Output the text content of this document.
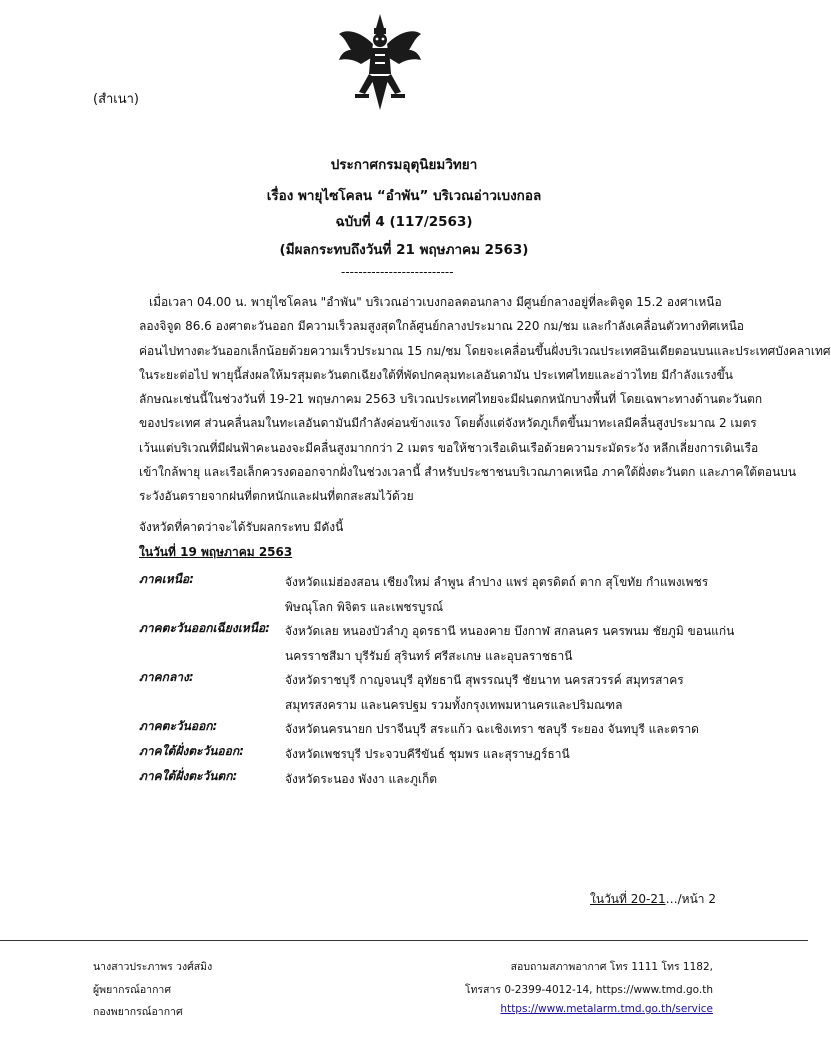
(สำเนา)
ประกาศกรมอุตุนิยมวิทยา
เรื่อง พายุไซโคลน “อำพัน” บริเวณอ่าวเบงกอล
ฉบับที่ 4 (117/2563)
(มีผลกระทบถึงวันที่ 21 พฤษภาคม 2563)
--------------------------
เมื่อเวลา 04.00 น. พายุไซโคลน "อำพัน" บริเวณอ่าวเบงกอลตอนกลาง มีศูนย์กลางอยู่ที่ละติจูด 15.2 องศาเหนือ
ลองจิจูด 86.6 องศาตะวันออก มีความเร็วลมสูงสุดใกล้ศูนย์กลางประมาณ 220 กม/ชม และกำลังเคลื่อนตัวทางทิศเหนือ
ค่อนไปทางตะวันออกเล็กน้อยด้วยความเร็วประมาณ 15 กม/ชม โดยจะเคลื่อนขึ้นฝั่งบริเวณประเทศอินเดียตอนบนและประเทศบังคลาเทศ
ในระยะต่อไป พายุนี้ส่งผลให้มรสุมตะวันตกเฉียงใต้ที่พัดปกคลุมทะเลอันดามัน ประเทศไทยและอ่าวไทย มีกำลังแรงขึ้น
ลักษณะเช่นนี้ในช่วงวันที่ 19-21 พฤษภาคม 2563 บริเวณประเทศไทยจะมีฝนตกหนักบางพื้นที่ โดยเฉพาะทางด้านตะวันตก
ของประเทศ ส่วนคลื่นลมในทะเลอันดามันมีกำลังค่อนข้างแรง โดยตั้งแต่จังหวัดภูเก็ตขึ้นมาทะเลมีคลื่นสูงประมาณ 2 เมตร
เว้นแต่บริเวณที่มีฝนฟ้าคะนองจะมีคลื่นสูงมากกว่า 2 เมตร ขอให้ชาวเรือเดินเรือด้วยความระมัดระวัง หลีกเลี่ยงการเดินเรือ
เข้าใกล้พายุ และเรือเล็กควรงดออกจากฝั่งในช่วงเวลานี้ สำหรับประชาชนบริเวณภาคเหนือ ภาคใต้ฝั่งตะวันตก และภาคใต้ตอนบน
ระวังอันตรายจากฝนที่ตกหนักและฝนที่ตกสะสมไว้ด้วย
จังหวัดที่คาดว่าจะได้รับผลกระทบ มีดังนี้
ในวันที่ 19 พฤษภาคม 2563
ภาคเหนือ:	จังหวัดแม่ฮ่องสอน เชียงใหม่ ลำพูน ลำปาง แพร่ อุตรดิตถ์ ตาก สุโขทัย กำแพงเพชร
พิษณุโลก พิจิตร และเพชรบูรณ์
ภาคตะวันออกเฉียงเหนือ: จังหวัดเลย หนองบัวลำภู อุดรธานี หนองคาย บึงกาฬ สกลนคร นครพนม ชัยภูมิ ขอนแก่น
นครราชสีมา บุรีรัมย์ สุรินทร์ ศรีสะเกษ และอุบลราชธานี
ภาคกลาง:	จังหวัดราชบุรี กาญจนบุรี อุทัยธานี สุพรรณบุรี ชัยนาท นครสวรรค์ สมุทรสาคร
สมุทรสงคราม และนครปฐม รวมทั้งกรุงเทพมหานครและปริมณฑล
ภาคตะวันออก:	จังหวัดนครนายก ปราจีนบุรี สระแก้ว ฉะเชิงเทรา ชลบุรี ระยอง จันทบุรี และตราด
ภาคใต้ฝั่งตะวันออก:	จังหวัดเพชรบุรี ประจวบคีรีขันธ์ ชุมพร และสุราษฎร์ธานี
ภาคใต้ฝั่งตะวันตก:	จังหวัดระนอง พังงา และภูเก็ต
ในวันที่ 20-21…/หน้า 2
นางสาวประภาพร วงศ์สมิง
ผู้พยากรณ์อากาศ
กองพยากรณ์อากาศ
สอบถามสภาพอากาศ โทร 1111 โทร 1182,
โทรสาร 0-2399-4012-14, https://www.tmd.go.th
https://www.metalarm.tmd.go.th/service
